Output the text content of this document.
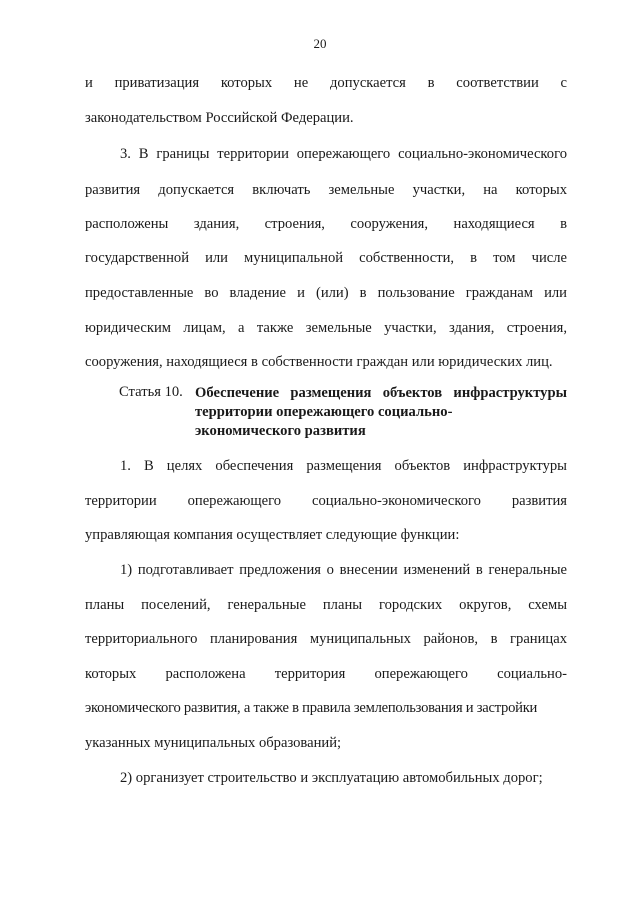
20
и приватизация которых не допускается в соответствии с
законодательством Российской Федерации.
3. В границы территории опережающего социально-экономического
развития допускается включать земельные участки, на которых
расположены здания, строения, сооружения, находящиеся в
государственной или муниципальной собственности, в том числе
предоставленные во владение и (или) в пользование гражданам или
юридическим лицам, а также земельные участки, здания, строения,
сооружения, находящиеся в собственности граждан или юридических лиц.
Статья 10. Обеспечение размещения объектов инфраструктуры
территории опережающего социально-
экономического развития
1. В целях обеспечения размещения объектов инфраструктуры
территории опережающего социально-экономического развития
управляющая компания осуществляет следующие функции:
1) подготавливает предложения о внесении изменений в генеральные
планы поселений, генеральные планы городских округов, схемы
территориального планирования муниципальных районов, в границах
которых расположена территория опережающего социально-
экономического развития, а также в правила землепользования и застройки
указанных муниципальных образований;
2) организует строительство и эксплуатацию автомобильных дорог;
